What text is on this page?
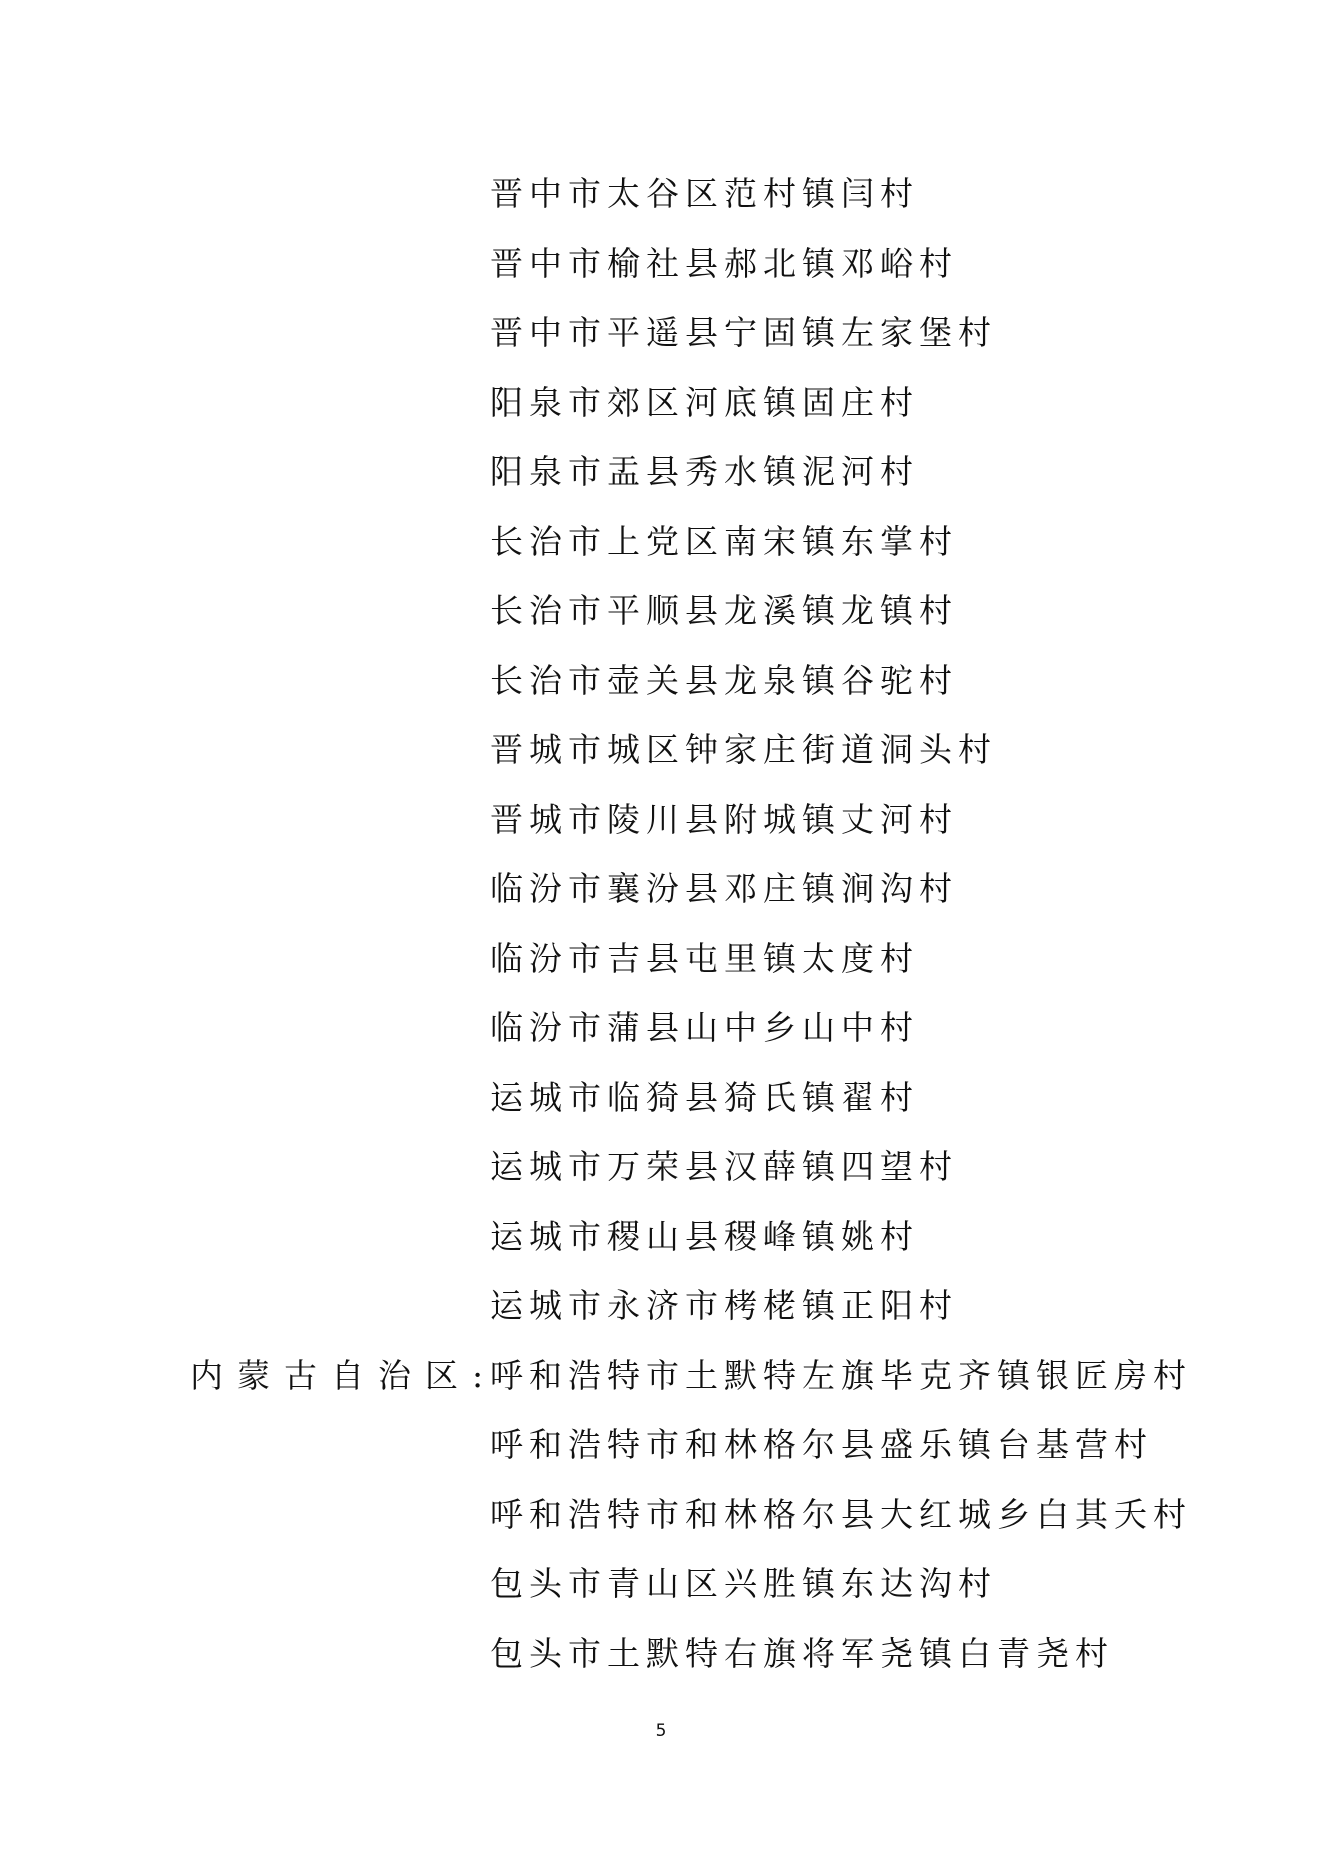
晋中市太谷区范村镇闫村
晋中市榆社县郝北镇邓峪村
晋中市平遥县宁固镇左家堡村
阳泉市郊区河底镇固庄村
阳泉市盂县秀水镇泥河村
长治市上党区南宋镇东掌村
长治市平顺县龙溪镇龙镇村
长治市壶关县龙泉镇谷驼村
晋城市城区钟家庄街道洞头村
晋城市陵川县附城镇丈河村
临汾市襄汾县邓庄镇涧沟村
临汾市吉县屯里镇太度村
临汾市蒲县山中乡山中村
运城市临猗县猗氏镇翟村
运城市万荣县汉薛镇四望村
运城市稷山县稷峰镇姚村
运城市永济市栲栳镇正阳村
内蒙古自治区:
呼和浩特市土默特左旗毕克齐镇银匠房村
呼和浩特市和林格尔县盛乐镇台基营村
呼和浩特市和林格尔县大红城乡白其夭村
包头市青山区兴胜镇东达沟村
包头市土默特右旗将军尧镇白青尧村
5
